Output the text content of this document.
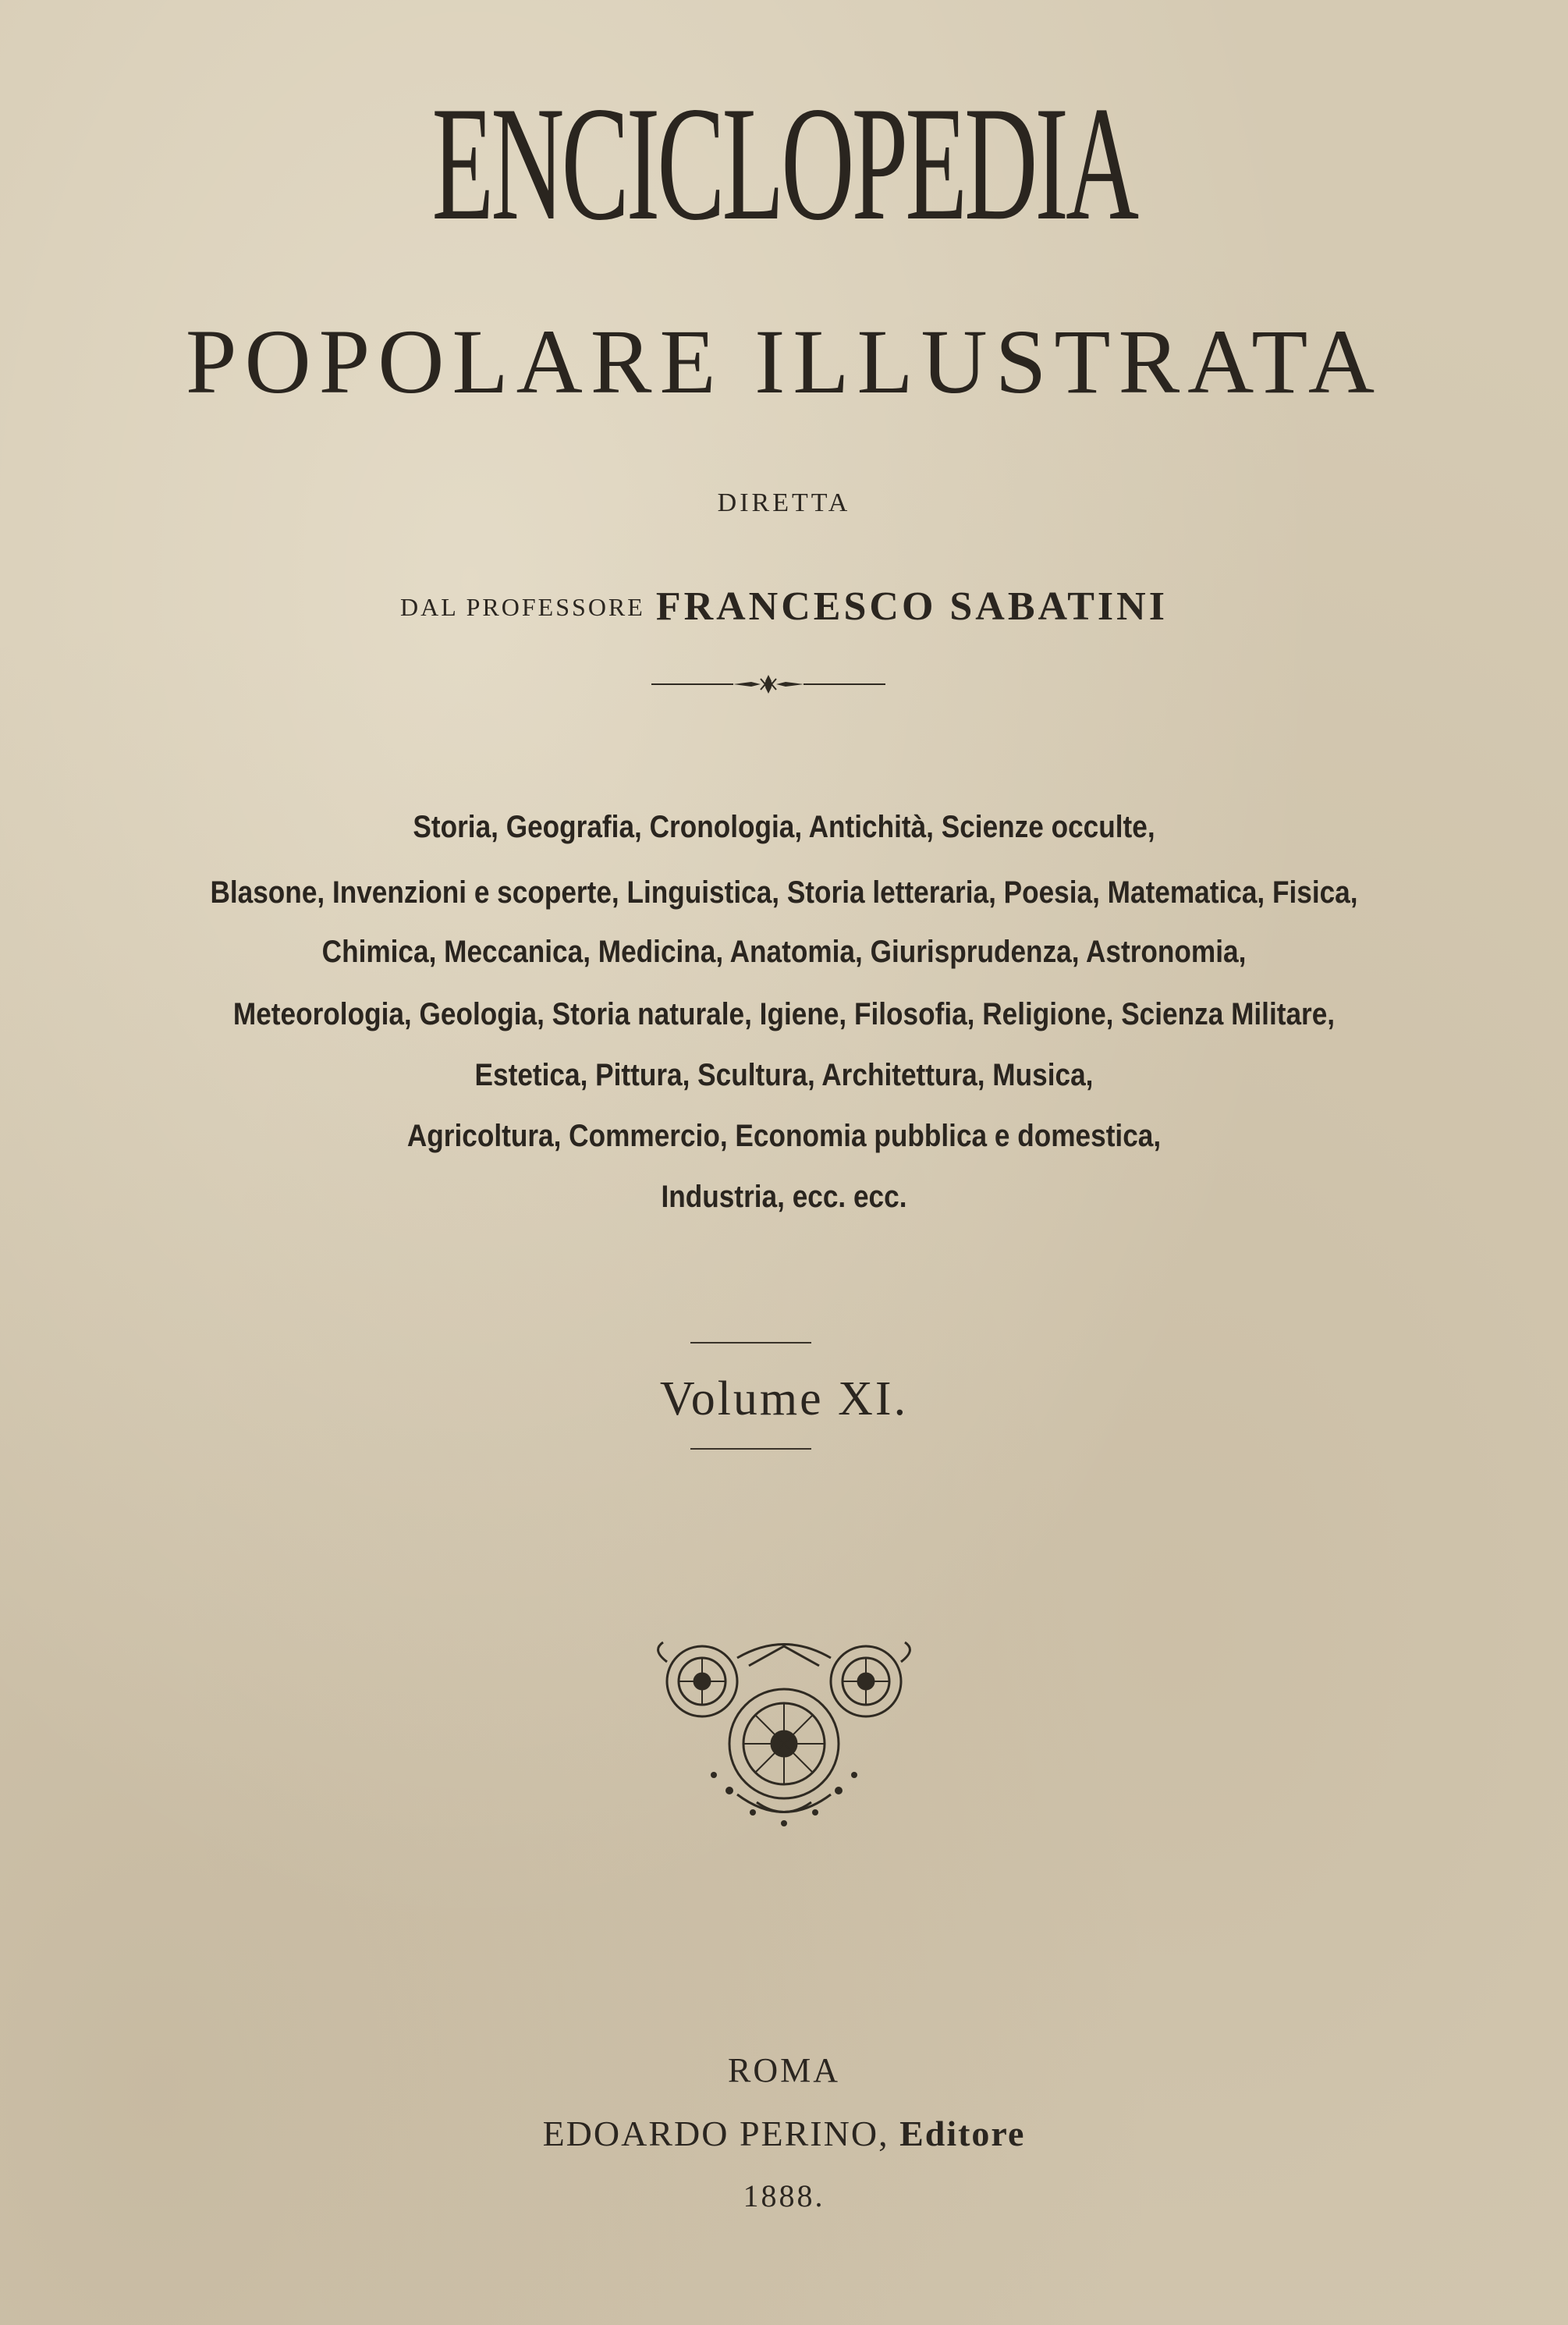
ENCICLOPEDIA
POPOLARE ILLUSTRATA
DIRETTA
DAL PROFESSORE FRANCESCO SABATINI
Storia, Geografia, Cronologia, Antichità, Scienze occulte,
Blasone, Invenzioni e scoperte, Linguistica, Storia letteraria, Poesia, Matematica, Fisica,
Chimica, Meccanica, Medicina, Anatomia, Giurisprudenza, Astronomia,
Meteorologia, Geologia, Storia naturale, Igiene, Filosofia, Religione, Scienza Militare,
Estetica, Pittura, Scultura, Architettura, Musica,
Agricoltura, Commercio, Economia pubblica e domestica,
Industria, ecc. ecc.
Volume XI.
ROMA
EDOARDO PERINO, Editore
1888.
